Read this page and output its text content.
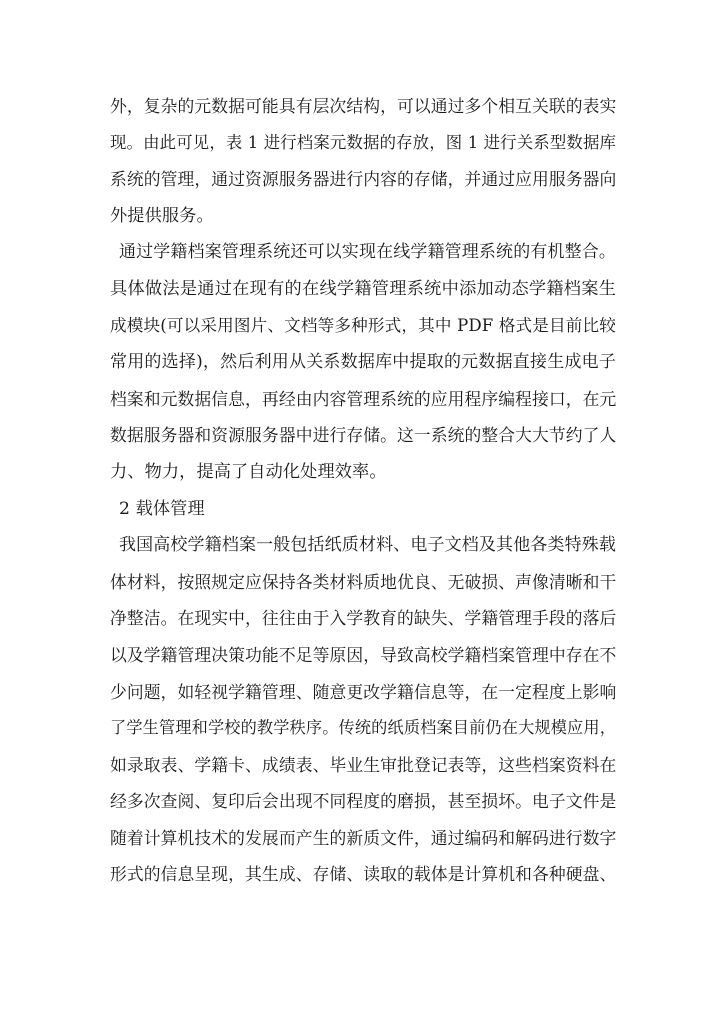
外，复杂的元数据可能具有层次结构，可以通过多个相互关联的表实
现。由此可见，表 1 进行档案元数据的存放，图 1 进行关系型数据库
系统的管理，通过资源服务器进行内容的存储，并通过应用服务器向
外提供服务。
通过学籍档案管理系统还可以实现在线学籍管理系统的有机整合。
具体做法是通过在现有的在线学籍管理系统中添加动态学籍档案生
成模块(可以采用图片、文档等多种形式，其中 PDF 格式是目前比较
常用的选择)，然后利用从关系数据库中提取的元数据直接生成电子
档案和元数据信息，再经由内容管理系统的应用程序编程接口，在元
数据服务器和资源服务器中进行存储。这一系统的整合大大节约了人
力、物力，提高了自动化处理效率。
2 载体管理
我国高校学籍档案一般包括纸质材料、电子文档及其他各类特殊载
体材料，按照规定应保持各类材料质地优良、无破损、声像清晰和干
净整洁。在现实中，往往由于入学教育的缺失、学籍管理手段的落后
以及学籍管理决策功能不足等原因，导致高校学籍档案管理中存在不
少问题，如轻视学籍管理、随意更改学籍信息等，在一定程度上影响
了学生管理和学校的教学秩序。传统的纸质档案目前仍在大规模应用，
如录取表、学籍卡、成绩表、毕业生审批登记表等，这些档案资料在
经多次查阅、复印后会出现不同程度的磨损，甚至损坏。电子文件是
随着计算机技术的发展而产生的新质文件，通过编码和解码进行数字
形式的信息呈现，其生成、存储、读取的载体是计算机和各种硬盘、
